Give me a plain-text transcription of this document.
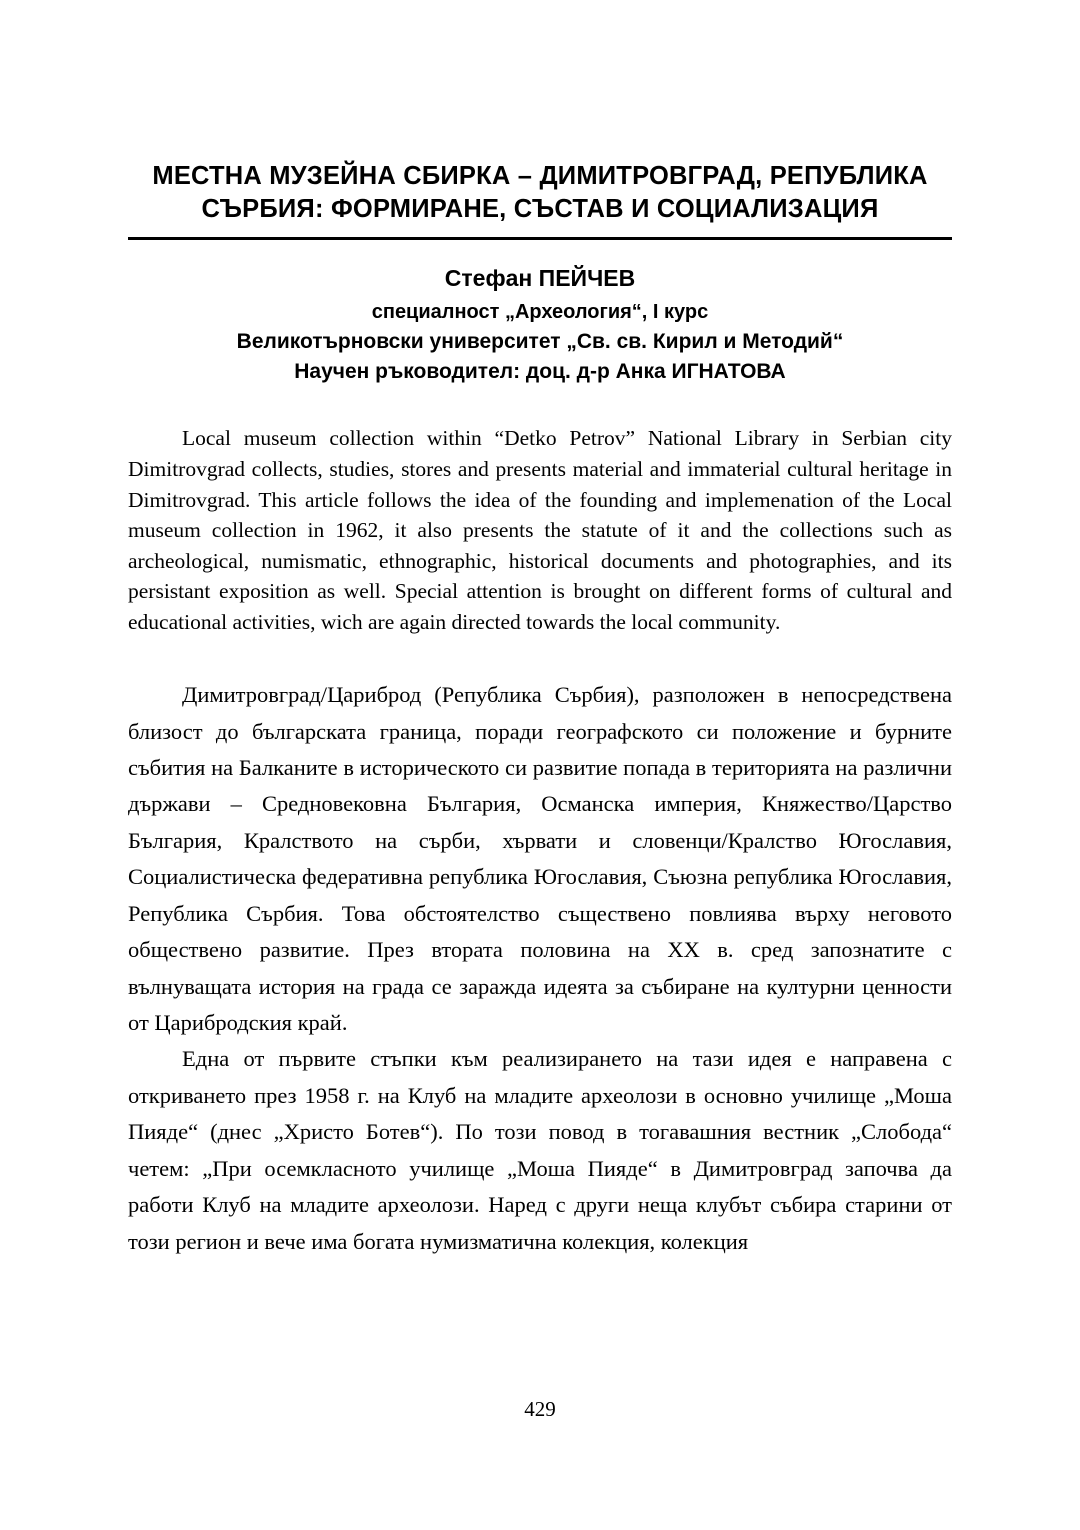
МЕСТНА МУЗЕЙНА СБИРКА – ДИМИТРОВГРАД, РЕПУБЛИКА СЪРБИЯ: ФОРМИРАНЕ, СЪСТАВ И СОЦИАЛИЗАЦИЯ
Стефан ПЕЙЧЕВ
специалност „Археология“, I курс
Великотърновски университет „Св. св. Кирил и Методий“
Научен ръководител: доц. д-р Анка ИГНАТОВА

Local museum collection within “Detko Petrov” National Library in Serbian city Dimitrovgrad collects, studies, stores and presents material and immaterial cultural heritage in Dimitrovgrad. This article follows the idea of the founding and implemenation of the Local museum collection in 1962, it also presents the statute of it and the collections such as archeological, numismatic, ethnographic, historical documents and photographies, and its persistant exposition as well. Special attention is brought on different forms of cultural and educational activities, wich are again directed towards the local community.

Димитровград/Цариброд (Република Сърбия), разположен в непосредствена близост до българската граница, поради географското си положение и бурните събития на Балканите в историческото си развитие попада в територията на различни държави – Средновековна България, Османска империя, Княжество/Царство България, Кралството на сърби, хървати и словенци/Кралство Югославия, Социалистическа федеративна република Югославия, Съюзна република Югославия, Република Сърбия. Това обстоятелство съществено повлиява върху неговото обществено развитие. През втората половина на XX в. сред запознатите с вълнуващата история на града се заражда идеята за събиране на културни ценности от Царибродския край.

Една от първите стъпки към реализирането на тази идея е направена с откриването през 1958 г. на Клуб на младите археолози в основно училище „Моша Пияде“ (днес „Христо Ботев“). По този повод в тогавашния вестник „Слобода“ четем: „При осемкласното училище „Моша Пияде“ в Димитровград започва да работи Клуб на младите археолози. Наред с други неща клубът събира старини от този регион и вече има богата нумизматична колекция, колекция

429
